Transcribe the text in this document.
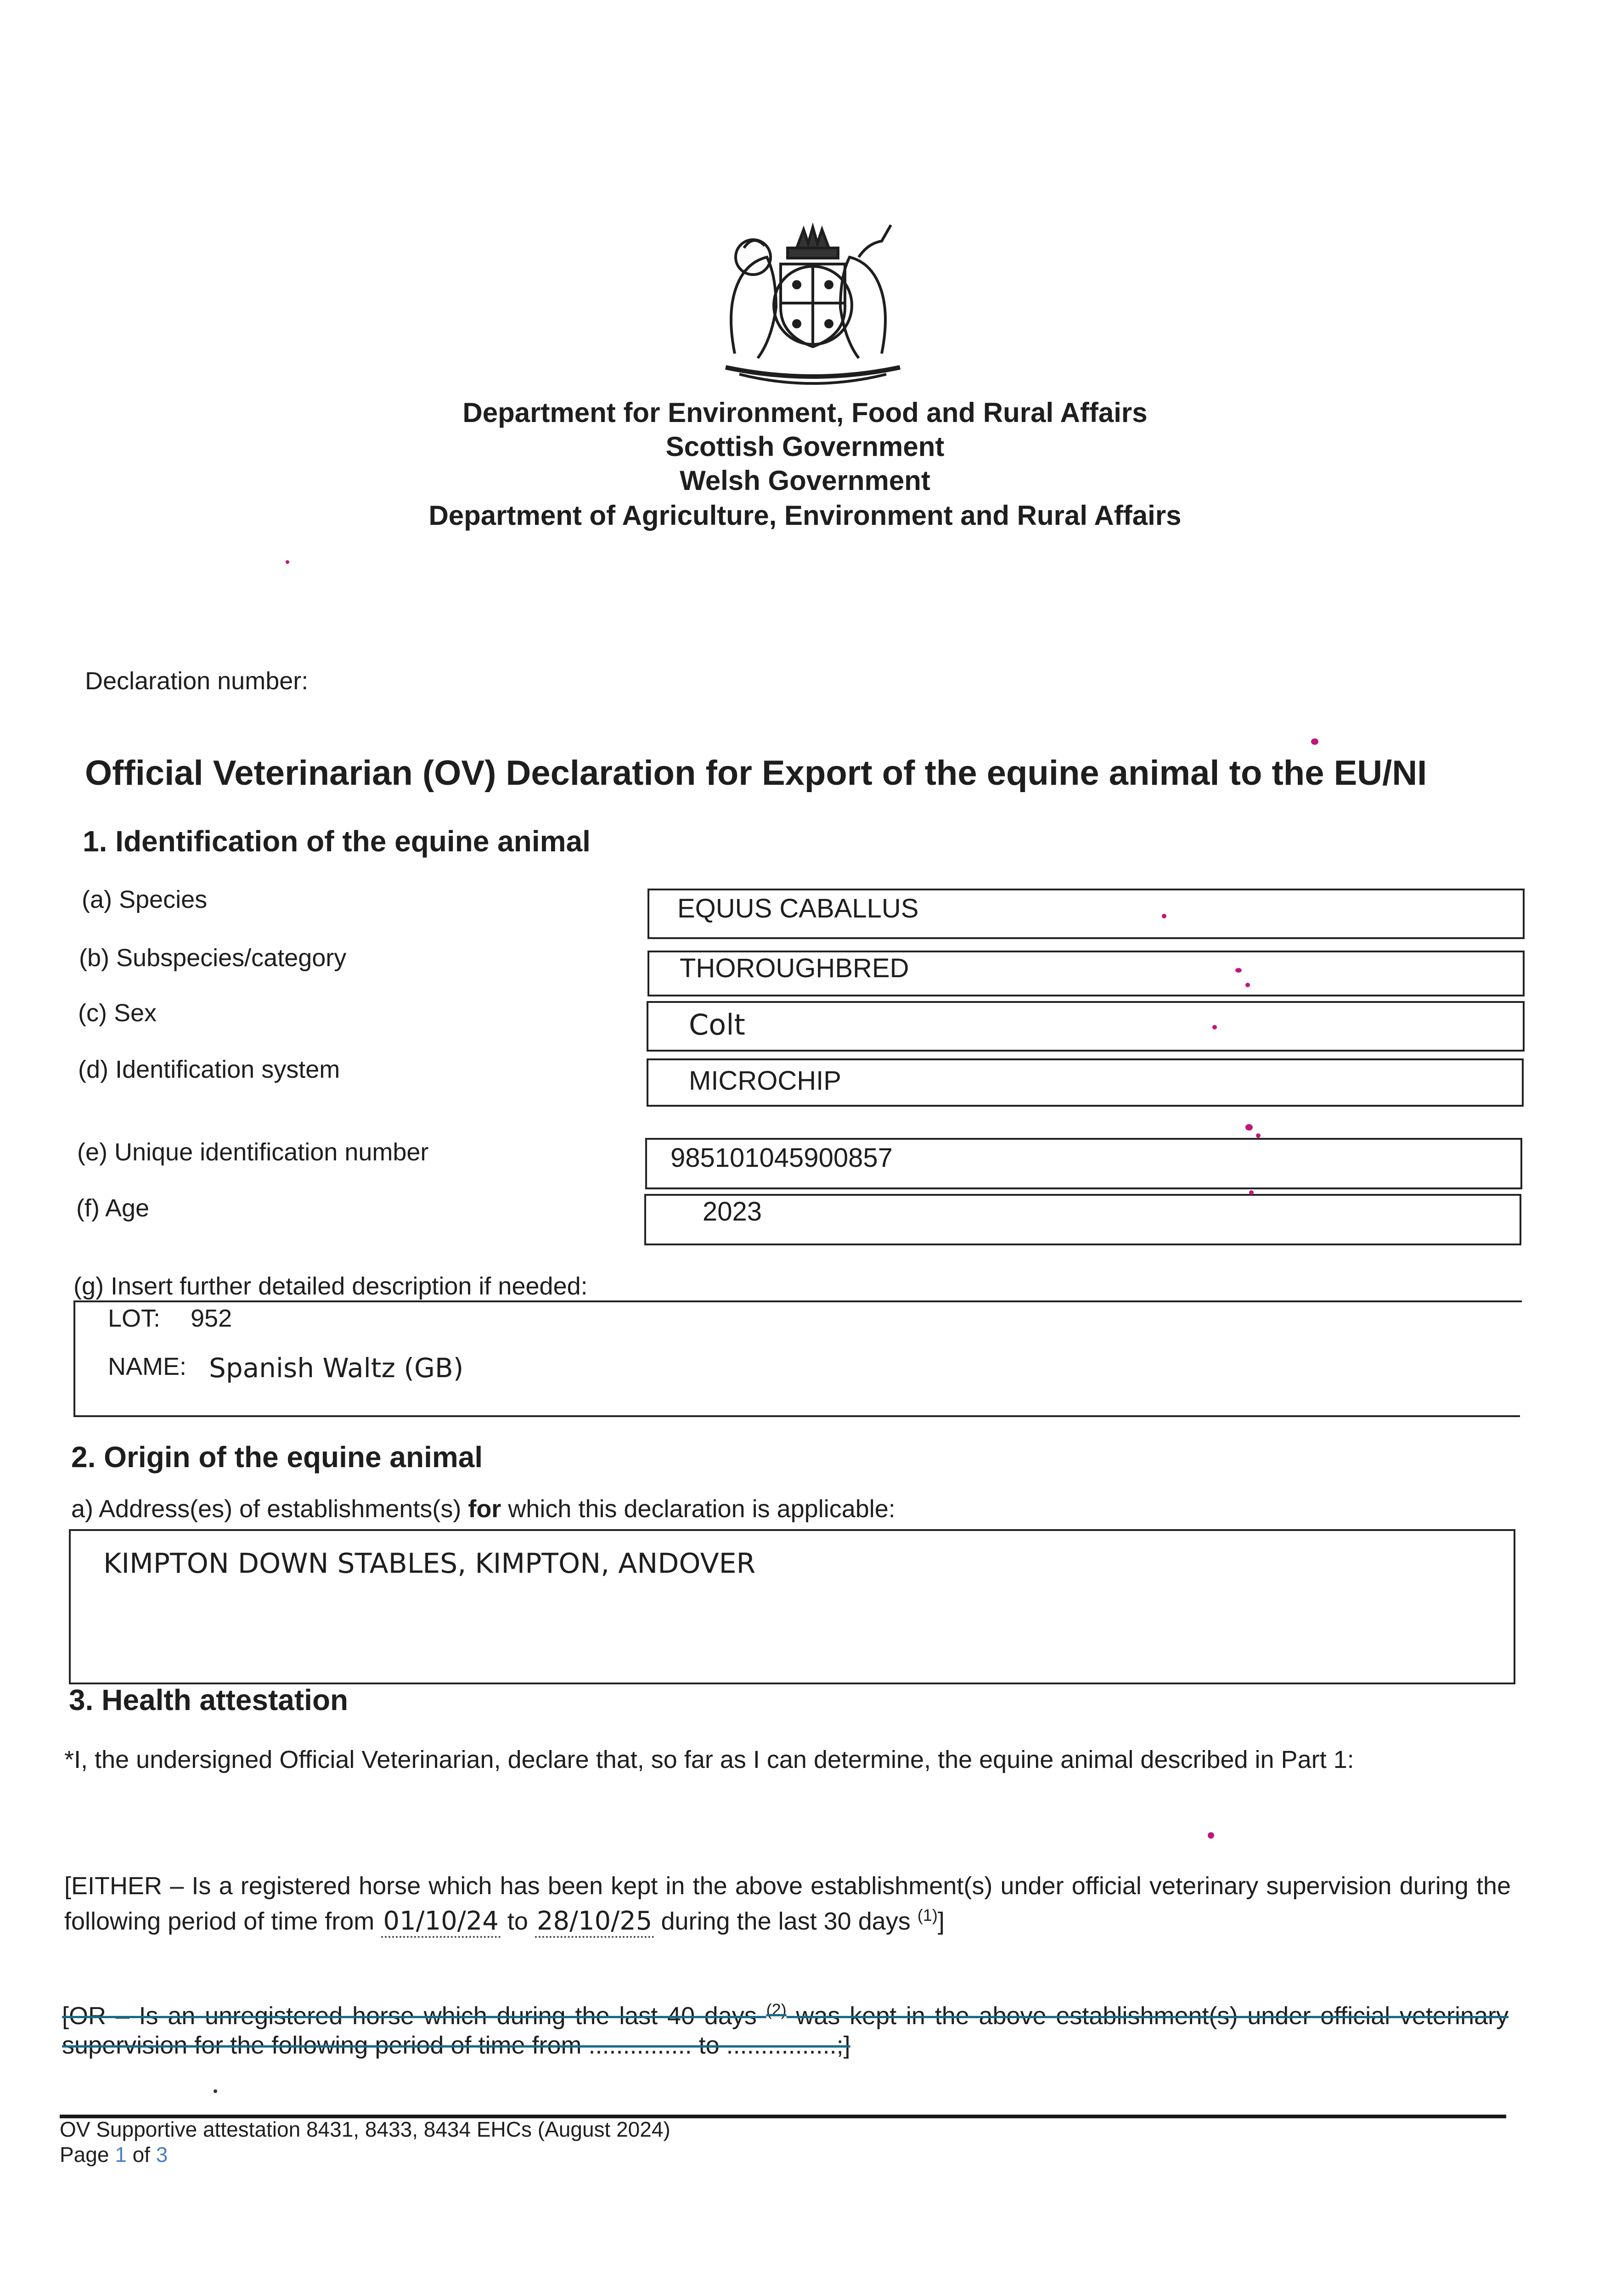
Department for Environment, Food and Rural Affairs
Scottish Government
Welsh Government
Department of Agriculture, Environment and Rural Affairs
Declaration number:
Official Veterinarian (OV) Declaration for Export of the equine animal to the EU/NI
1. Identification of the equine animal
(a) Species	EQUUS CABALLUS
(b) Subspecies/category	THOROUGHBRED
(c) Sex	Colt
(d) Identification system	MICROCHIP
(e) Unique identification number	985101045900857
(f) Age	2023
(g) Insert further detailed description if needed:
LOT: 952
NAME: Spanish Waltz (GB)
2. Origin of the equine animal
a) Address(es) of establishments(s) for which this declaration is applicable:
KIMPTON DOWN STABLES, KIMPTON, ANDOVER
3. Health attestation
*I, the undersigned Official Veterinarian, declare that, so far as I can determine, the equine animal described in Part 1:
[EITHER – Is a registered horse which has been kept in the above establishment(s) under official veterinary supervision during the following period of time from 01/10/24 to 28/10/25 during the last 30 days $^{(1)}$]
[OR – Is an unregistered horse which during the last 40 days $^{(2)}$ was kept in the above establishment(s) under official veterinary supervision for the following period of time from ............... to ................;]
OV Supportive attestation 8431, 8433, 8434 EHCs (August 2024)
Page 1 of 3
